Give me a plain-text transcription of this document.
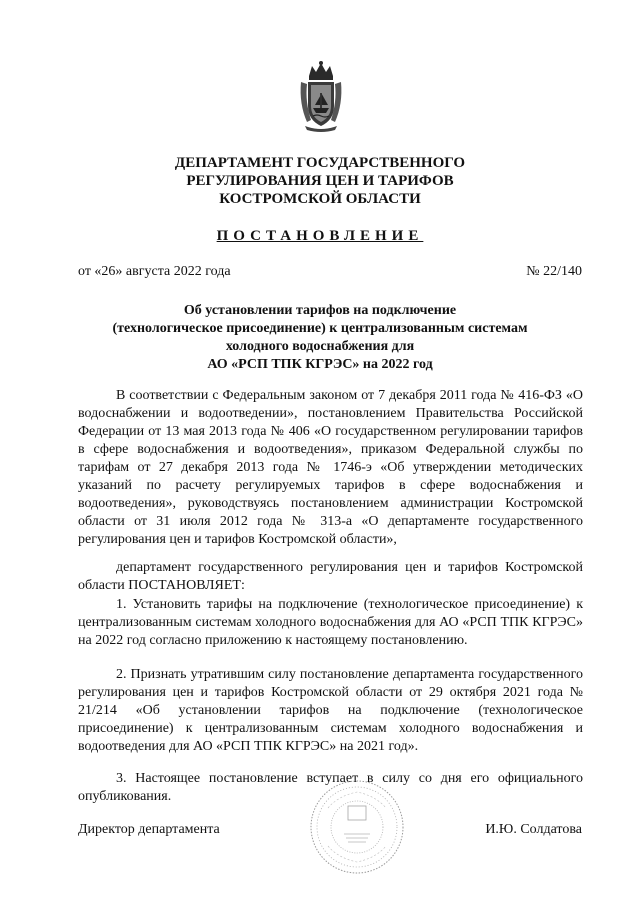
ДЕПАРТАМЕНТ ГОСУДАРСТВЕННОГО
РЕГУЛИРОВАНИЯ ЦЕН И ТАРИФОВ
КОСТРОМСКОЙ ОБЛАСТИ
ПОСТАНОВЛЕНИЕ
от «26» августа 2022 года	№ 22/140
Об установлении тарифов на подключение
(технологическое присоединение) к централизованным системам
холодного водоснабжения для
АО «РСП ТПК КГРЭС» на 2022 год

В соответствии с Федеральным законом от 7 декабря 2011 года № 416-ФЗ «О водоснабжении и водоотведении», постановлением Правительства Российской Федерации от 13 мая 2013 года № 406 «О государственном регулировании тарифов в сфере водоснабжения и водоотведения», приказом Федеральной службы по тарифам от 27 декабря 2013 года № 1746-э «Об утверждении методических указаний по расчету регулируемых тарифов в сфере водоснабжения и водоотведения», руководствуясь постановлением администрации Костромской области от 31 июля 2012 года № 313-а «О департаменте государственного регулирования цен и тарифов Костромской области»,

департамент государственного регулирования цен и тарифов Костромской области ПОСТАНОВЛЯЕТ:

1. Установить тарифы на подключение (технологическое присоединение) к централизованным системам холодного водоснабжения для АО «РСП ТПК КГРЭС» на 2022 год согласно приложению к настоящему постановлению.

2. Признать утратившим силу постановление департамента государственного регулирования цен и тарифов Костромской области от 29 октября 2021 года № 21/214 «Об установлении тарифов на подключение (технологическое присоединение) к централизованным системам холодного водоснабжения и водоотведения для АО «РСП ТПК КГРЭС» на 2021 год».

3. Настоящее постановление вступает в силу со дня его официального опубликования.

Директор департамента	И.Ю. Солдатова
